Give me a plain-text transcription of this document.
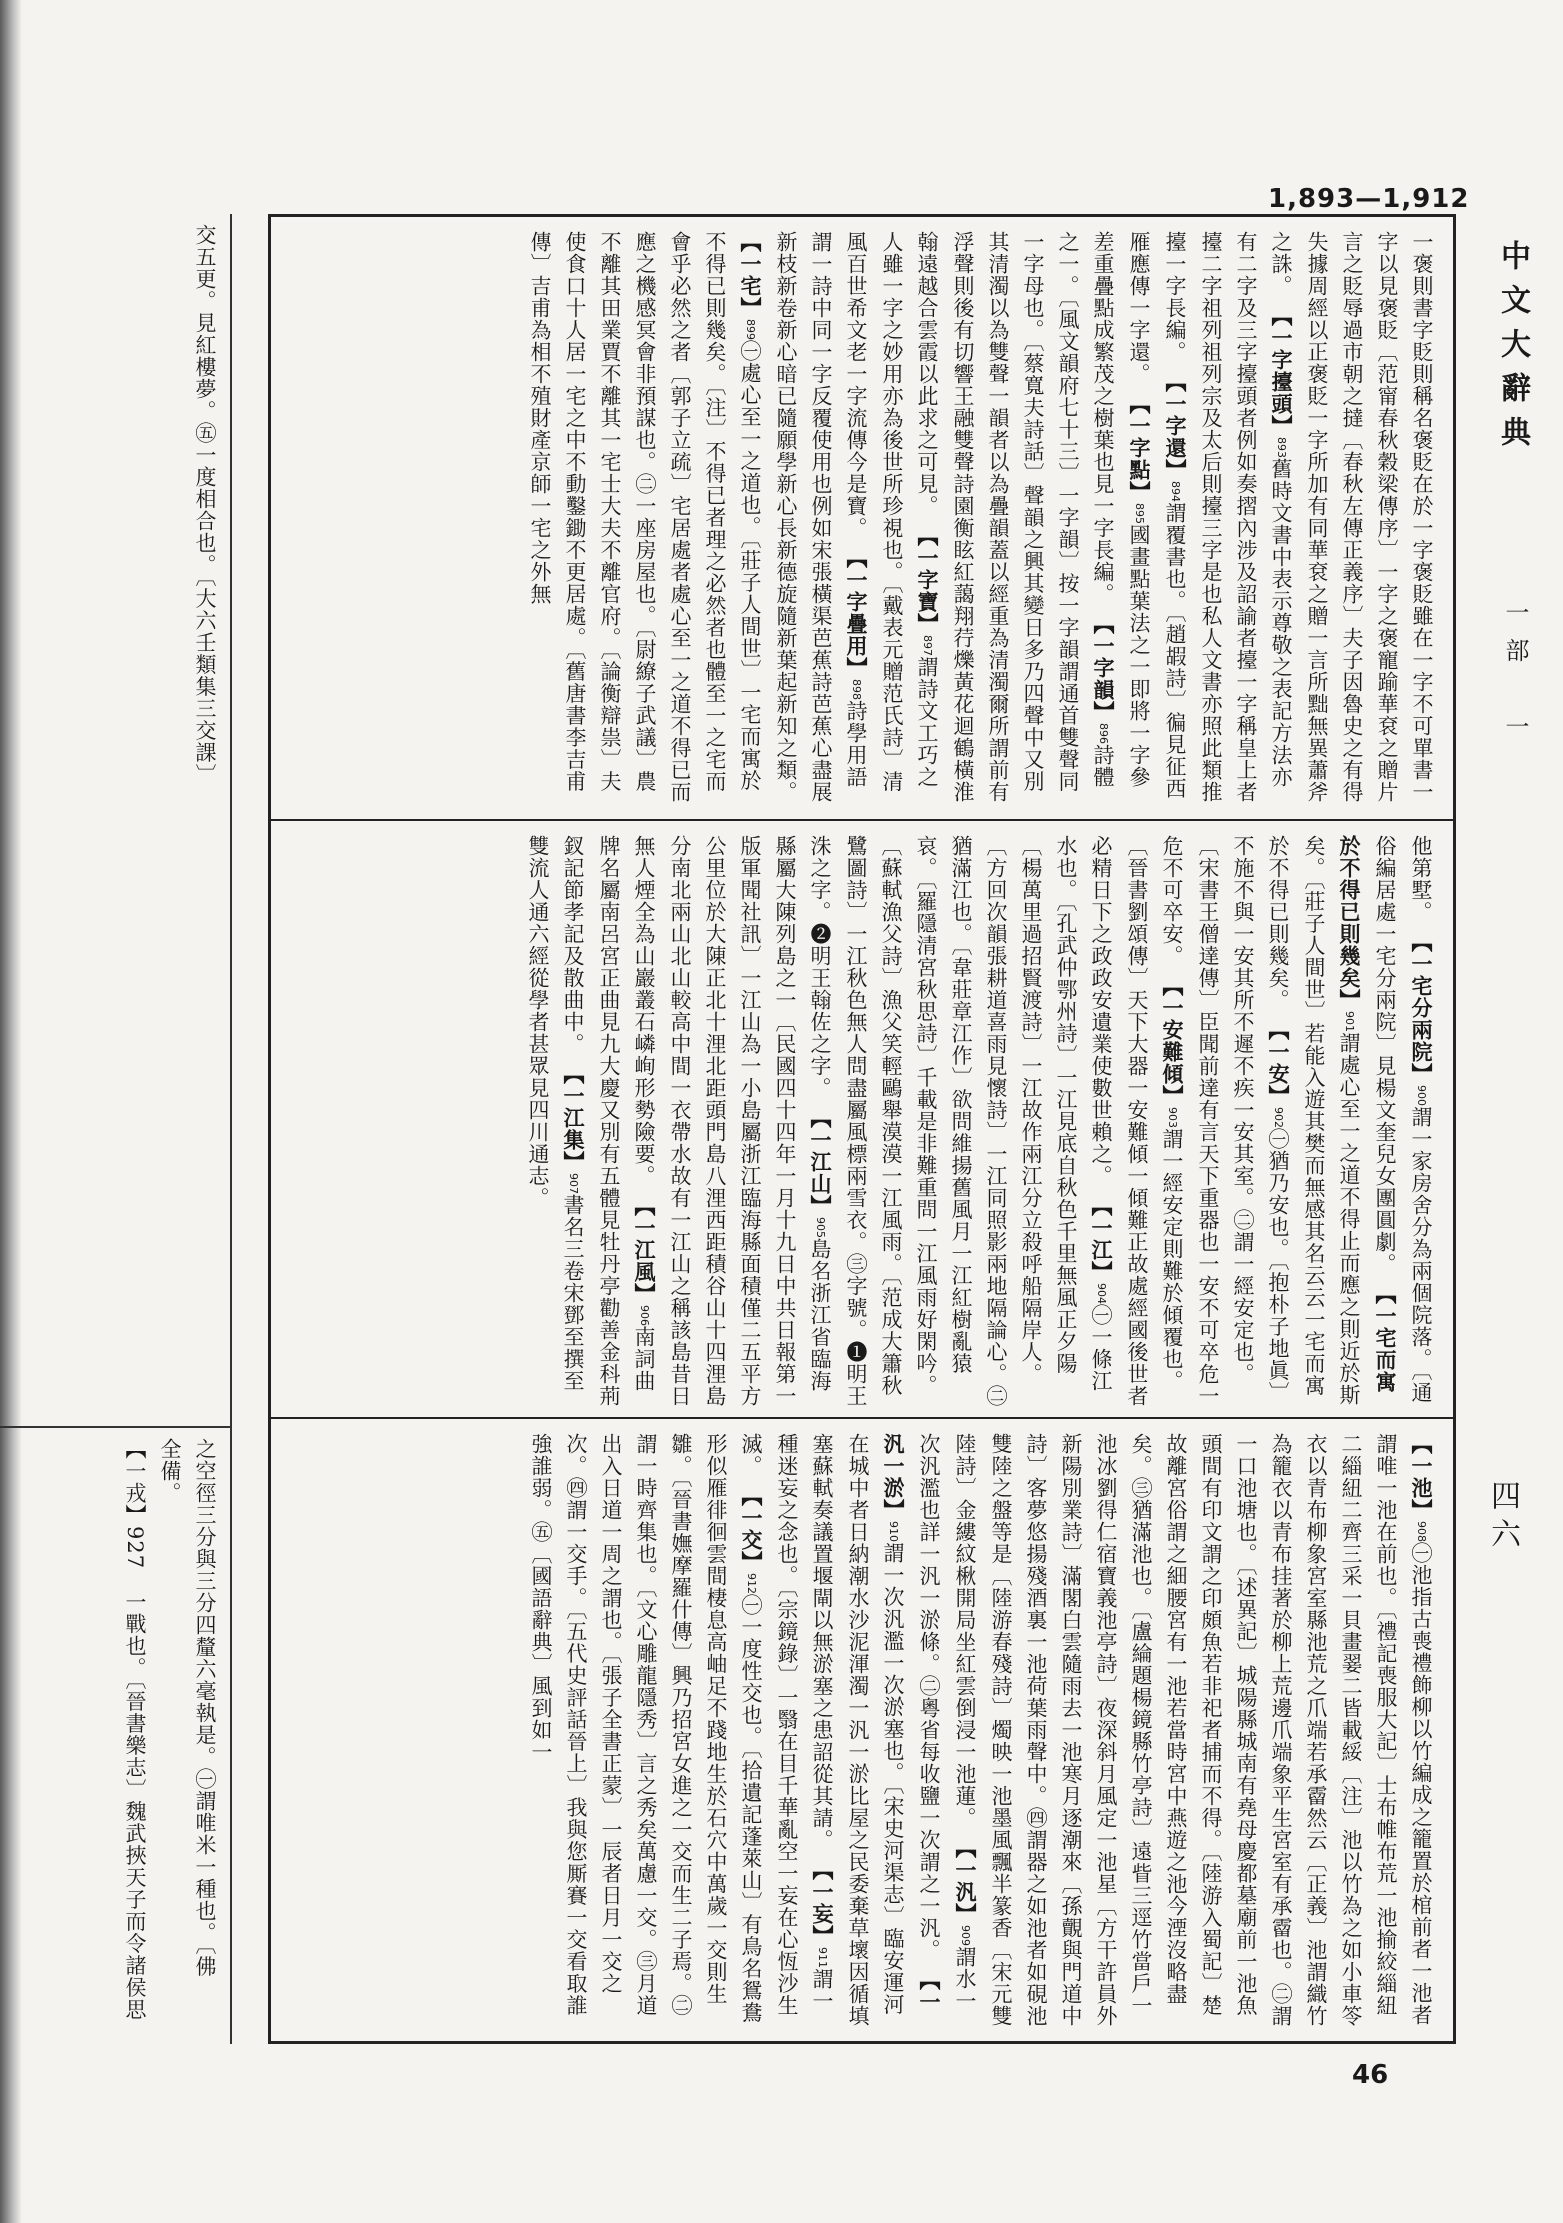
交五更。見紅樓夢。㊄一度相合也。〔大六壬類集三交課〕
之空徑三分與三分四釐六毫執是。㊀謂唯米一種也。〔佛
全備。
【一戎】927　一戰也。〔晉書樂志〕魏武挾天子而令諸侯思
1,893—1,912
中文大辭典
一部　一
四六
一褒則書字貶則稱名褒貶在於一字褒貶雖在一字不可單書一字以見褒貶〔范甯春秋穀梁傳序〕一字之褒寵踰華袞之贈片言之貶辱過市朝之撻〔春秋左傳正義序〕夫子因魯史之有得失據周經以正褒貶一字所加有同華袞之贈一言所黜無異蕭斧之誅。【一字擡頭】893舊時文書中表示尊敬之表記方法亦有二字及三字擡頭者例如奏摺內涉及詔諭者擡一字稱皇上者擡二字祖列祖列宗及太后則擡三字是也私人文書亦照此類推擡一字長編。【一字還】894謂覆書也。〔趙嘏詩〕徧見征西雁應傳一字還。【一字點】895國畫點葉法之一即將一字參差重疊點成繁茂之樹葉也見一字長編。【一字韻】896詩體之一。〔風文韻府七十三〕一字韻〕按一字韻謂通首雙聲同一字母也。〔蔡寬夫詩話〕聲韻之興其變日多乃四聲中又別其清濁以為雙聲一韻者以為疊韻蓋以經重為清濁爾所謂前有浮聲則後有切響王融雙聲詩園衡眩紅藹翔荇爍黃花迴鶴橫淮翰遠越合雲霞以此求之可見。【一字寶】897謂詩文工巧之人雖一字之妙用亦為後世所珍視也。〔戴表元贈范氏詩〕清風百世希文老一字流傳今是寶。【一字疊用】898詩學用語謂一詩中同一字反覆使用也例如宋張橫渠芭蕉詩芭蕉心盡展新枝新卷新心暗已隨願學新心長新德旋隨新葉起新知之類。【一宅】899㊀處心至一之道也。〔莊子人間世〕一宅而寓於不得已則幾矣。〔注〕不得已者理之必然者也體至一之宅而會乎必然之者〔郭子立疏〕宅居處者處心至一之道不得已而應之機感冥會非預謀也。㊁一座房屋也。〔尉繚子武議〕農不離其田業賈不離其一宅士大夫不離官府。〔論衡辯祟〕夫使食口十人居一宅之中不動鑿鋤不更居處。〔舊唐書李吉甫傳〕吉甫為相不殖財產京師一宅之外無
他第墅。【一宅分兩院】900謂一家房舍分為兩個院落。〔通俗編居處一宅分兩院〕見楊文奎兒女團圓劇。【一宅而寓於不得已則幾矣】901謂處心至一之道不得止而應之則近於斯矣。〔莊子人間世〕若能入遊其樊而無感其名云云一宅而寓於不得已則幾矣。【一安】902㊀猶乃安也。〔抱朴子地眞〕不施不與一安其所不遲不疾一安其室。㊁謂一經安定也。〔宋書王僧達傳〕臣聞前達有言天下重器也一安不可卒危一危不可卒安。【一安難傾】903謂一經安定則難於傾覆也。〔晉書劉頌傳〕天下大器一安難傾一傾難正故處經國後世者必精日下之政政安遺業使數世賴之。【一江】904㊀一條江水也。〔孔武仲鄂州詩〕一江見底自秋色千里無風正夕陽〔楊萬里過招賢渡詩〕一江故作兩江分立殺呼船隔岸人。〔方回次韻張耕道喜雨見懷詩〕一江同照影兩地隔論心。㊁猶滿江也。〔韋莊章江作〕欲問維揚舊風月一江紅樹亂猿哀。〔羅隱清宮秋思詩〕千載是非難重問一江風雨好閑吟。〔蘇軾漁父詩〕漁父笑輕鷗舉漠漠一江風雨。〔范成大簫秋鷺圖詩〕一江秋色無人問盡屬風標兩雪衣。㊂字號。❶明王洙之字。❷明王翰佐之字。【一江山】905島名浙江省臨海縣屬大陳列島之一〔民國四十四年一月十九日中共日報第一版軍聞社訊〕一江山為一小島屬浙江臨海縣面積僅二五平方公里位於大陳正北十浬北距頭門島八浬西距積谷山十四浬島分南北兩山北山較高中間一衣帶水故有一江山之稱該島昔日無人煙全為山巖叢石嶙峋形勢險要。【一江風】906南詞曲牌名屬南呂宮正曲見九大慶又別有五體見牡丹亭勸善金科荊釵記節孝記及散曲中。【一江集】907書名三卷宋鄧至撰至雙流人通六經從學者甚眾見四川通志。
【一池】908㊀池指古喪禮飾柳以竹編成之籠置於棺前者一池者謂唯一池在前也。〔禮記喪服大記〕士布帷布荒一池揄絞緇紐二緇紐二齊三采一貝畫翣二皆載綏〔注〕池以竹為之如小車笭衣以青布柳象宮室縣池荒之爪端若承霤然云〔正義〕池謂織竹為籠衣以青布挂著於柳上荒邊爪端象平生宮室有承霤也。㊁謂一口池塘也。〔述異記〕城陽縣城南有堯母慶都墓廟前一池魚頭間有印文謂之印頗魚若非祀者捕而不得。〔陸游入蜀記〕楚故離宮俗謂之細腰宮有一池若當時宮中燕遊之池今湮沒略盡矣。㊂猶滿池也。〔盧綸題楊鏡縣竹亭詩〕遠眥三逕竹當戶一池冰劉得仁宿寶義池亭詩〕夜深斜月風定一池星〔方干許員外新陽別業詩〕滿閣白雲隨雨去一池寒月逐潮來〔孫覿與門道中詩〕客夢悠揚殘酒裏一池荷葉雨聲中。㊃謂器之如池者如硯池雙陸之盤等是〔陸游春殘詩〕燭映一池墨風飄半篆香〔宋元雙陸詩〕金縷紋楸開局坐紅雲倒浸一池蓮。【一汎】909謂水一次汎濫也詳一汎一淤條。㊁粵省每收鹽一次謂之一汎。【一汎一淤】910謂一次汎濫一次淤塞也。〔宋史河渠志〕臨安運河在城中者日納潮水沙泥渾濁一汎一淤比屋之民委棄草壞因循填塞蘇軾奏議置堰閘以無淤塞之患詔從其請。【一妄】911謂一種迷妄之念也。〔宗鏡錄〕一翳在目千華亂空一妄在心恆沙生滅。【一交】912㊀一度性交也。〔拾遺記蓬萊山〕有鳥名鴛鴦形似雁徘徊雲間棲息高岫足不踐地生於石穴中萬歲一交則生雛。〔晉書嫵摩羅什傳〕興乃招宮女進之一交而生二子焉。㊁謂一時齊集也。〔文心雕龍隱秀〕言之秀矣萬慮一交。㊂月道出入日道一周之謂也。〔張子全書正蒙〕一辰者日月一交之次。㊃謂一交手。〔五代史評話晉上〕我與您厮賽一交看取誰強誰弱。㊄〔國語辭典〕風到如一
46
